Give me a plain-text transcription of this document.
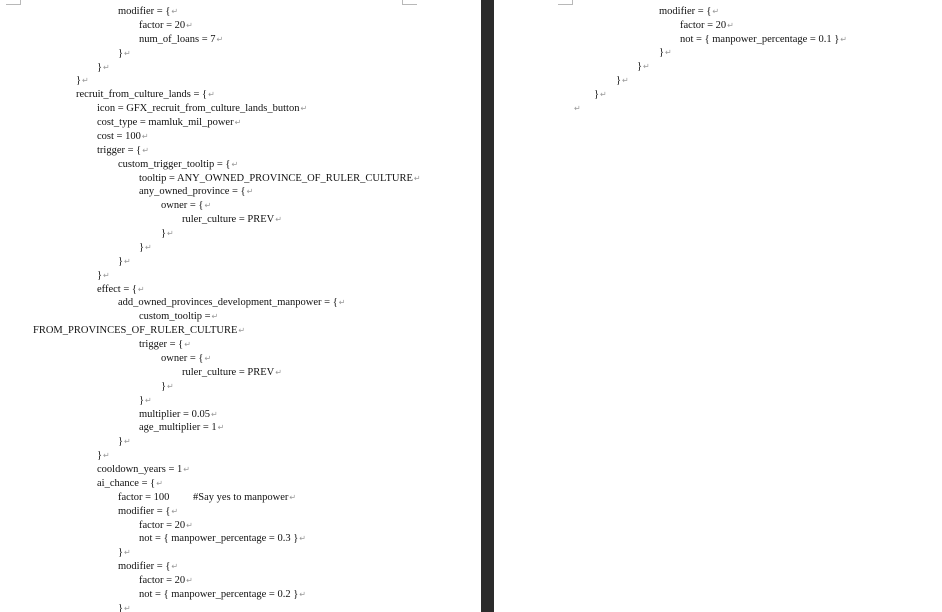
modifier = {↵
factor = 20↵
num_of_loans = 7↵
}↵
}↵
}↵
recruit_from_culture_lands = {↵
icon = GFX_recruit_from_culture_lands_button↵
cost_type = mamluk_mil_power↵
cost = 100↵
trigger = {↵
custom_trigger_tooltip = {↵
tooltip = ANY_OWNED_PROVINCE_OF_RULER_CULTURE↵
any_owned_province = {↵
owner = {↵
ruler_culture = PREV↵
}↵
}↵
}↵
}↵
effect = {↵
add_owned_provinces_development_manpower = {↵
custom_tooltip =↵
FROM_PROVINCES_OF_RULER_CULTURE↵
trigger = {↵
owner = {↵
ruler_culture = PREV↵
}↵
}↵
multiplier = 0.05↵
age_multiplier = 1↵
}↵
}↵
cooldown_years = 1↵
ai_chance = {↵
factor = 100         #Say yes to manpower↵
modifier = {↵
factor = 20↵
not = { manpower_percentage = 0.3 }↵
}↵
modifier = {↵
factor = 20↵
not = { manpower_percentage = 0.2 }↵
}↵
modifier = {↵
factor = 20↵
not = { manpower_percentage = 0.1 }↵
}↵
}↵
}↵
}↵
↵
